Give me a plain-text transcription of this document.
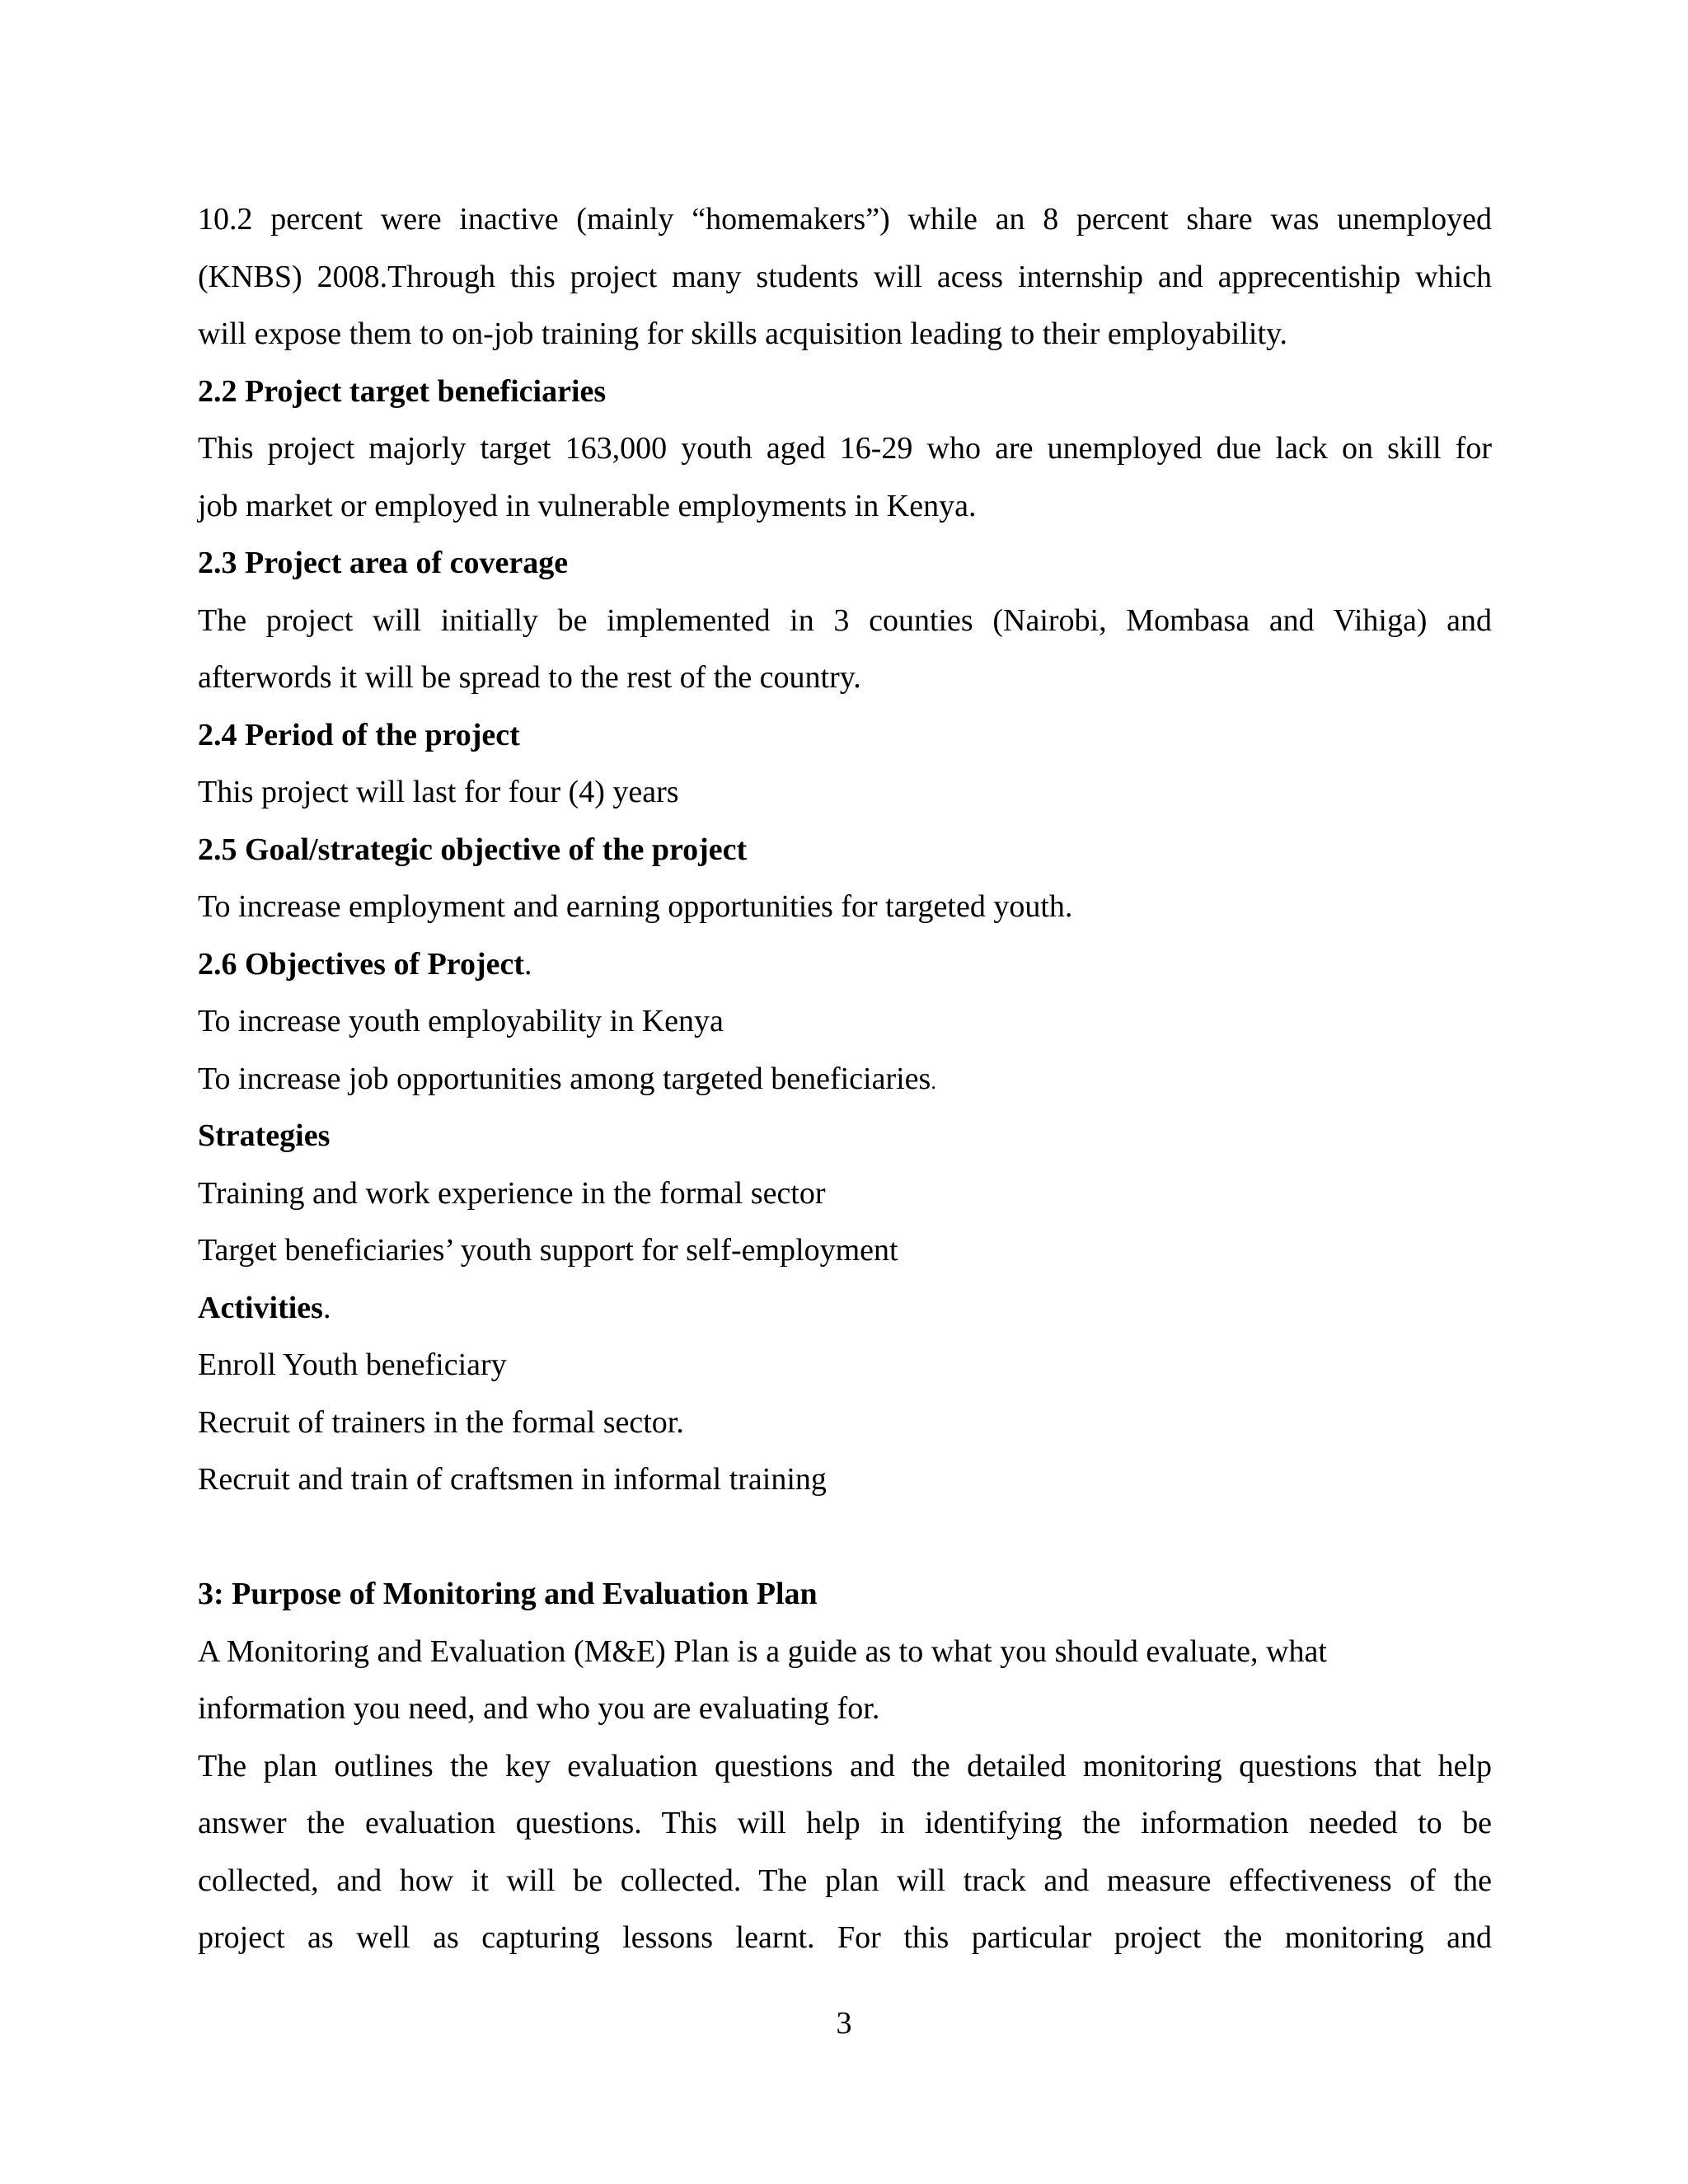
10.2 percent were inactive (mainly “homemakers”) while an 8 percent share was unemployed
(KNBS) 2008.Through this project many students will acess internship and apprecentiship which
will expose them to on-job training for skills acquisition leading to their employability.
2.2 Project target beneficiaries
This project majorly target 163,000 youth aged 16-29 who are unemployed due lack on skill for
job market or employed in vulnerable employments in Kenya.
2.3 Project area of coverage
The project will initially be implemented in 3 counties (Nairobi, Mombasa and Vihiga) and
afterwords it will be spread to the rest of the country.
2.4 Period of the project
This project will last for four (4) years
2.5 Goal/strategic objective of the project
To increase employment and earning opportunities for targeted youth.
2.6 Objectives of Project.
To increase youth employability in Kenya
To increase job opportunities among targeted beneficiaries.
Strategies
Training and work experience in the formal sector
Target beneficiaries’ youth support for self-employment
Activities.
Enroll Youth beneficiary
Recruit of trainers in the formal sector.
Recruit and train of craftsmen in informal training
3: Purpose of Monitoring and Evaluation Plan
A Monitoring and Evaluation (M&E) Plan is a guide as to what you should evaluate, what
information you need, and who you are evaluating for.
The plan outlines the key evaluation questions and the detailed monitoring questions that help
answer the evaluation questions. This will help in identifying the information needed to be
collected, and how it will be collected. The plan will track and measure effectiveness of the
project as well as capturing lessons learnt. For this particular project the monitoring and
3
